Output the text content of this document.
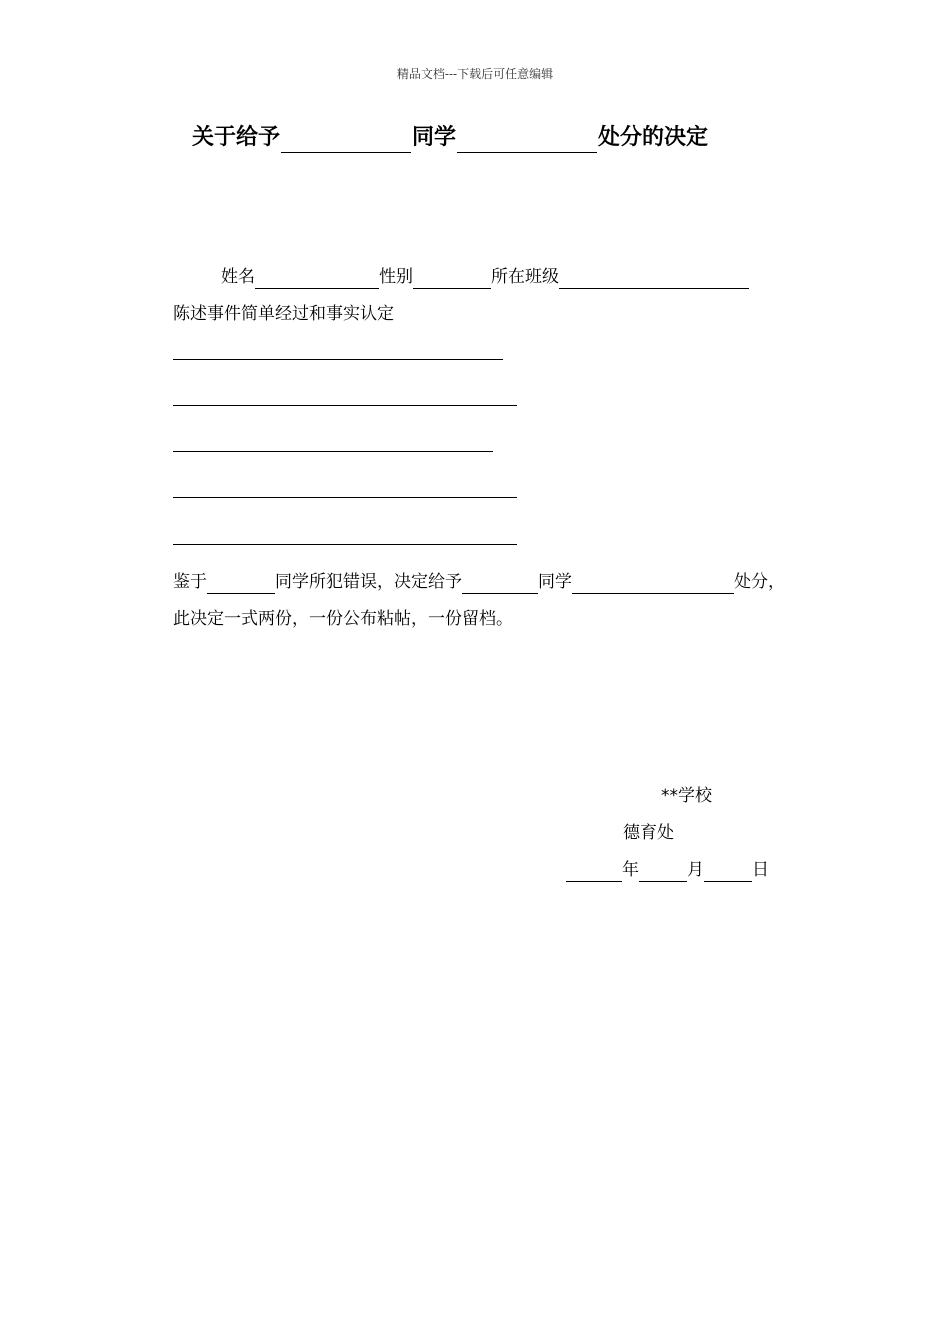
精品文档---下载后可任意编辑
关于给予	同学	处分的决定
姓名	性别	所在班级
陈述事件简单经过和事实认定
鉴于	同学所犯错误，决定给予	同学	处分，
此决定一式两份，一份公布粘帖，一份留档。
**学校
德育处
年	月	日
